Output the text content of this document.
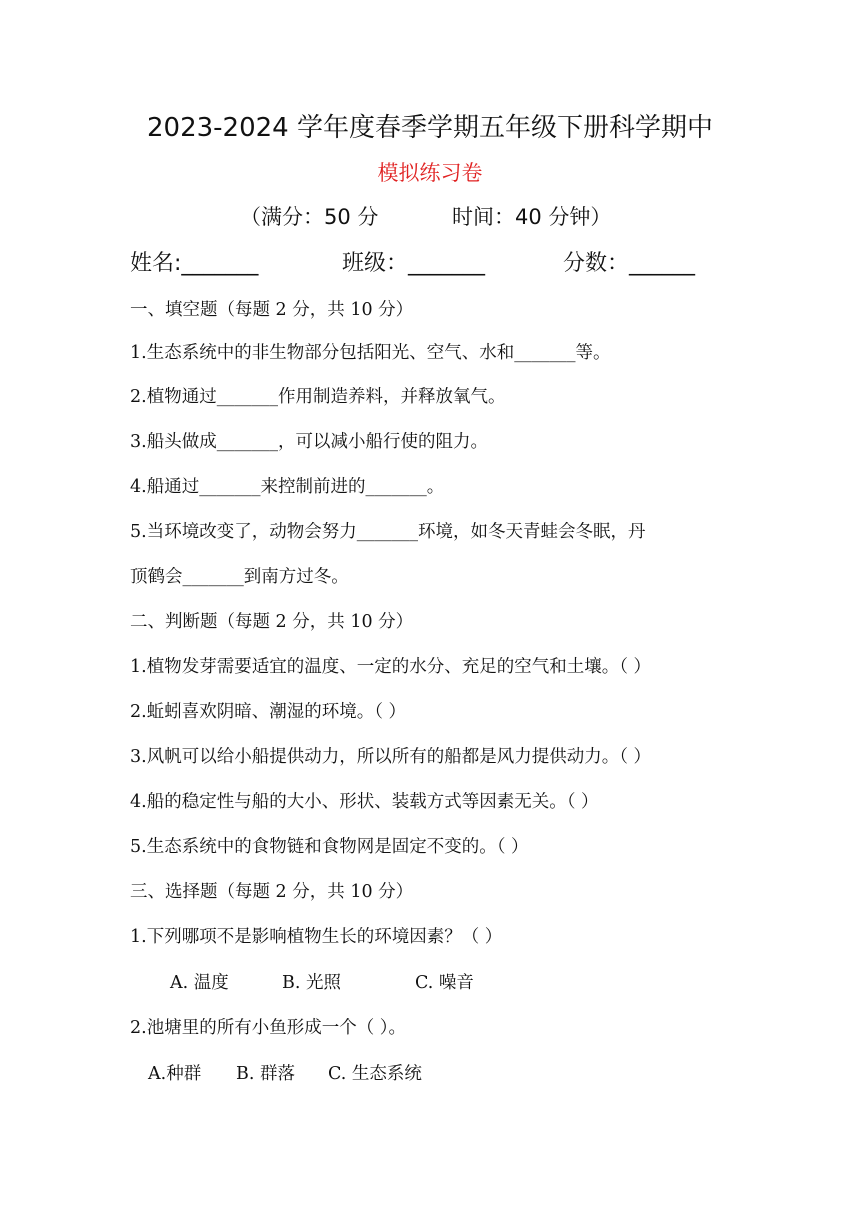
2023-2024 学年度春季学期五年级下册科学期中
模拟练习卷
（满分：50 分	时间：40 分钟）
姓名:_______	班级：_______	分数：______
一、填空题（每题 2 分，共 10 分）
1.生态系统中的非生物部分包括阳光、空气、水和_______等。
2.植物通过_______作用制造养料，并释放氧气。
3.船头做成_______，可以减小船行使的阻力。
4.船通过_______来控制前进的_______。
5.当环境改变了，动物会努力_______环境，如冬天青蛙会冬眠，丹
顶鹤会_______到南方过冬。
二、判断题（每题 2 分，共 10 分）
1.植物发芽需要适宜的温度、一定的水分、充足的空气和土壤。（ ）
2.蚯蚓喜欢阴暗、潮湿的环境。（ ）
3.风帆可以给小船提供动力，所以所有的船都是风力提供动力。（ ）
4.船的稳定性与船的大小、形状、装载方式等因素无关。（ ）
5.生态系统中的食物链和食物网是固定不变的。（ ）
三、选择题（每题 2 分，共 10 分）
1.下列哪项不是影响植物生长的环境因素？（ ）
A. 温度	B. 光照	C. 噪音
2.池塘里的所有小鱼形成一个（ ）。
A.种群 B. 群落 C. 生态系统
